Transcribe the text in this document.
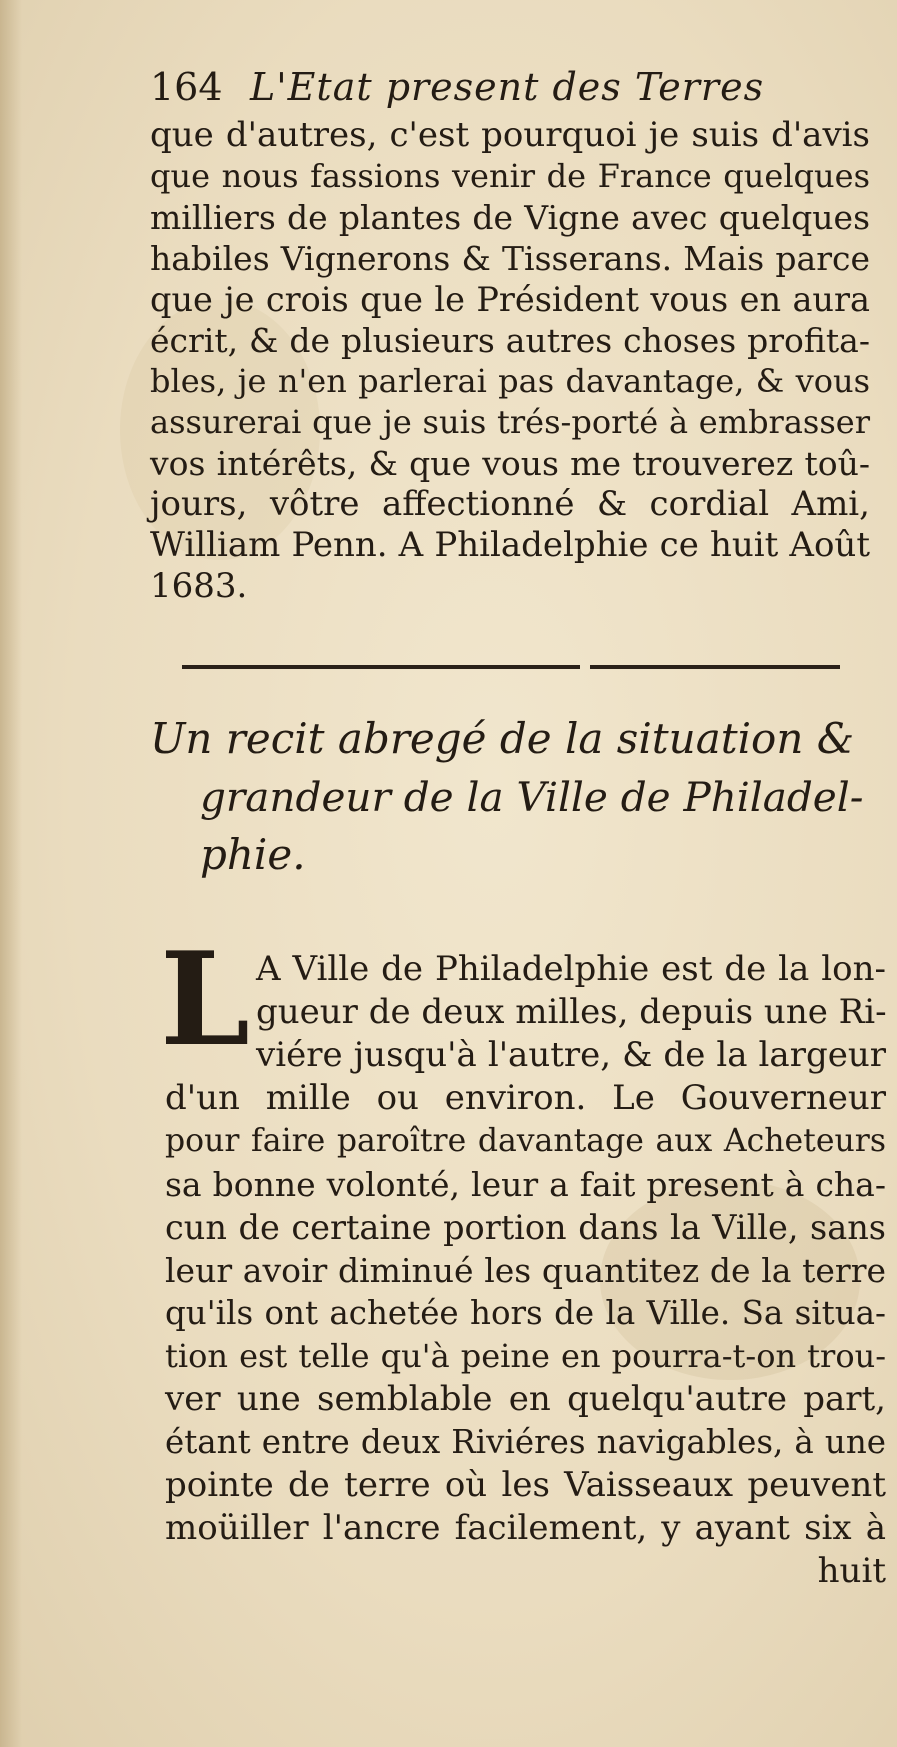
164 L'Etat present des Terres
que d'autres, c'est pourquoi je suis d'avis
que nous fassions venir de France quelques
milliers de plantes de Vigne avec quelques
habiles Vignerons & Tisserans. Mais parce
que je crois que le Président vous en aura
écrit, & de plusieurs autres choses profita-
bles, je n'en parlerai pas davantage, & vous
assurerai que je suis trés-porté à embrasser
vos intérêts, & que vous me trouverez toû-
jours, vôtre affectionné & cordial Ami,
William Penn. A Philadelphie ce huit Août
1683.
Un recit abregé de la situation &
grandeur de la Ville de Philadel-
phie.
L A Ville de Philadelphie est de la lon-
gueur de deux milles, depuis une Ri-
viére jusqu'à l'autre, & de la largeur
d'un mille ou environ. Le Gouverneur
pour faire paroître davantage aux Acheteurs
sa bonne volonté, leur a fait present à cha-
cun de certaine portion dans la Ville, sans
leur avoir diminué les quantitez de la terre
qu'ils ont achetée hors de la Ville. Sa situa-
tion est telle qu'à peine en pourra-t-on trou-
ver une semblable en quelqu'autre part,
étant entre deux Riviéres navigables, à une
pointe de terre où les Vaisseaux peuvent
moüiller l'ancre facilement, y ayant six à
huit
